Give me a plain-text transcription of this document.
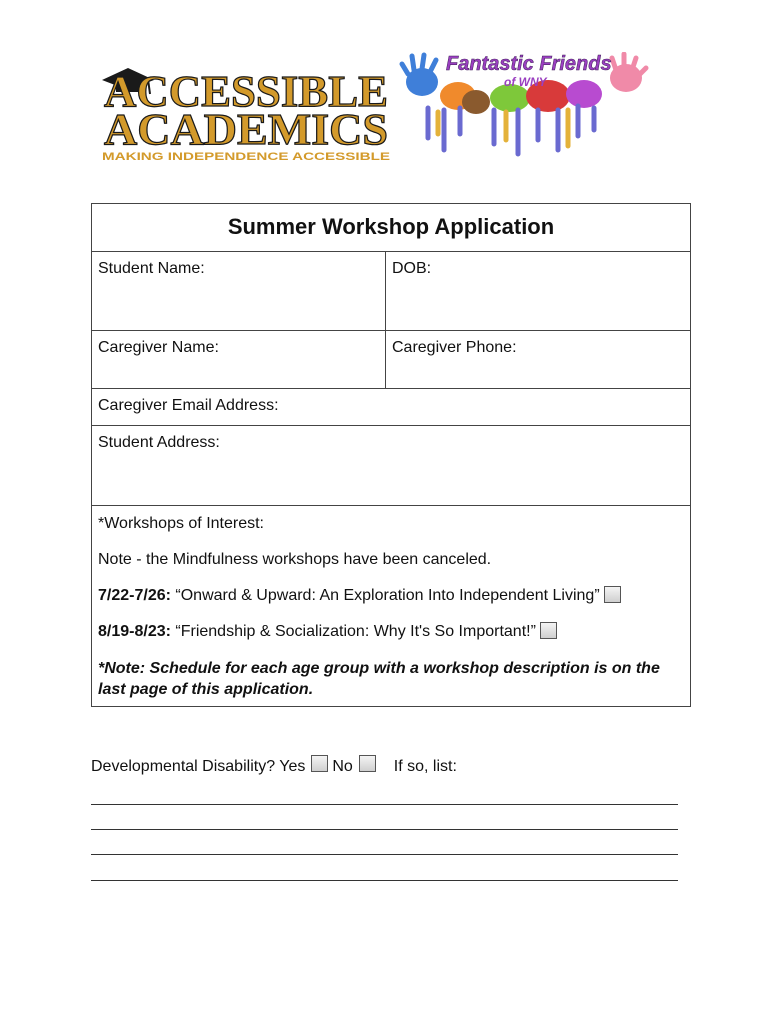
ACCESSIBLE
ACADEMICS
MAKING INDEPENDENCE ACCESSIBLE
Fantastic Friends
of WNY
Summer Workshop Application
Student Name:	DOB:
Caregiver Name:	Caregiver Phone:
Caregiver Email Address:
Student Address:

*Workshops of Interest:

Note - the Mindfulness workshops have been canceled.

7/22-7/26: “Onward & Upward: An Exploration Into Independent Living”

8/19-8/23: “Friendship & Socialization: Why It's So Important!”

*Note: Schedule for each age group with a workshop description is on the last page of this application.

Developmental Disability? Yes No	If so, list:
